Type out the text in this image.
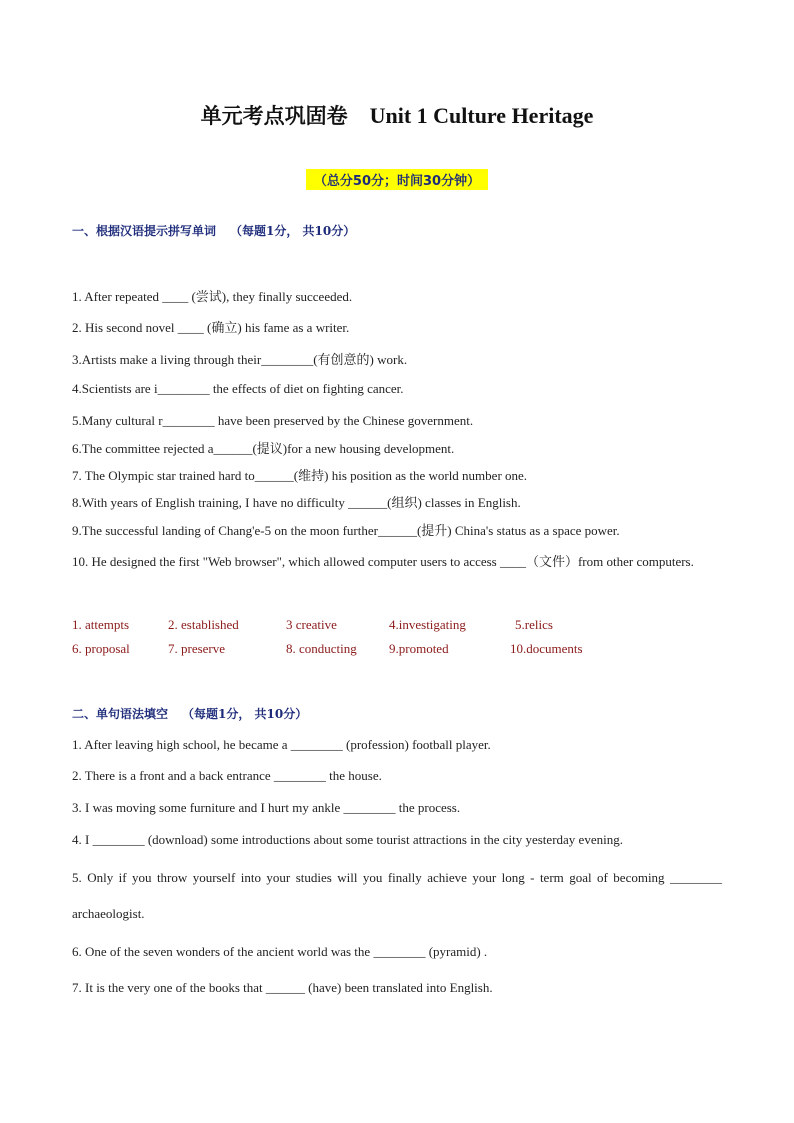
单元考点巩固卷 Unit 1 Culture Heritage
（总分50分；时间30分钟）
一、根据汉语提示拼写单词 （每题1分， 共10分）
1. After repeated ____ (尝试), they finally succeeded.
2. His second novel ____ (确立) his fame as a writer.
3.Artists make a living through their________(有创意的) work.
4.Scientists are i________ the effects of diet on fighting cancer.
5.Many cultural r________ have been preserved by the Chinese government.
6.The committee rejected a______(提议)for a new housing development.
7. The Olympic star trained hard to______(维持) his position as the world number one.
8.With years of English training, I have no difficulty ______(组织) classes in English.
9.The successful landing of Chang'e-5 on the moon further______(提升) China's status as a space power.
10. He designed the first "Web browser", which allowed computer users to access ____（文件）from other computers.
1. attempts	2. established	3 creative	4.investigating	5.relics
6. proposal	7. preserve	8. conducting 9.promoted	10.documents
二、单句语法填空 （每题1分， 共10分）
1. After leaving high school, he became a ________ (profession) football player.
2. There is a front and a back entrance ________ the house.
3. I was moving some furniture and I hurt my ankle ________ the process.
4. I ________ (download) some introductions about some tourist attractions in the city yesterday evening.
5. Only if you throw yourself into your studies will you finally achieve your long - term goal of becoming ________ archaeologist.
6. One of the seven wonders of the ancient world was the ________ (pyramid) .
7. It is the very one of the books that ______ (have) been translated into English.
